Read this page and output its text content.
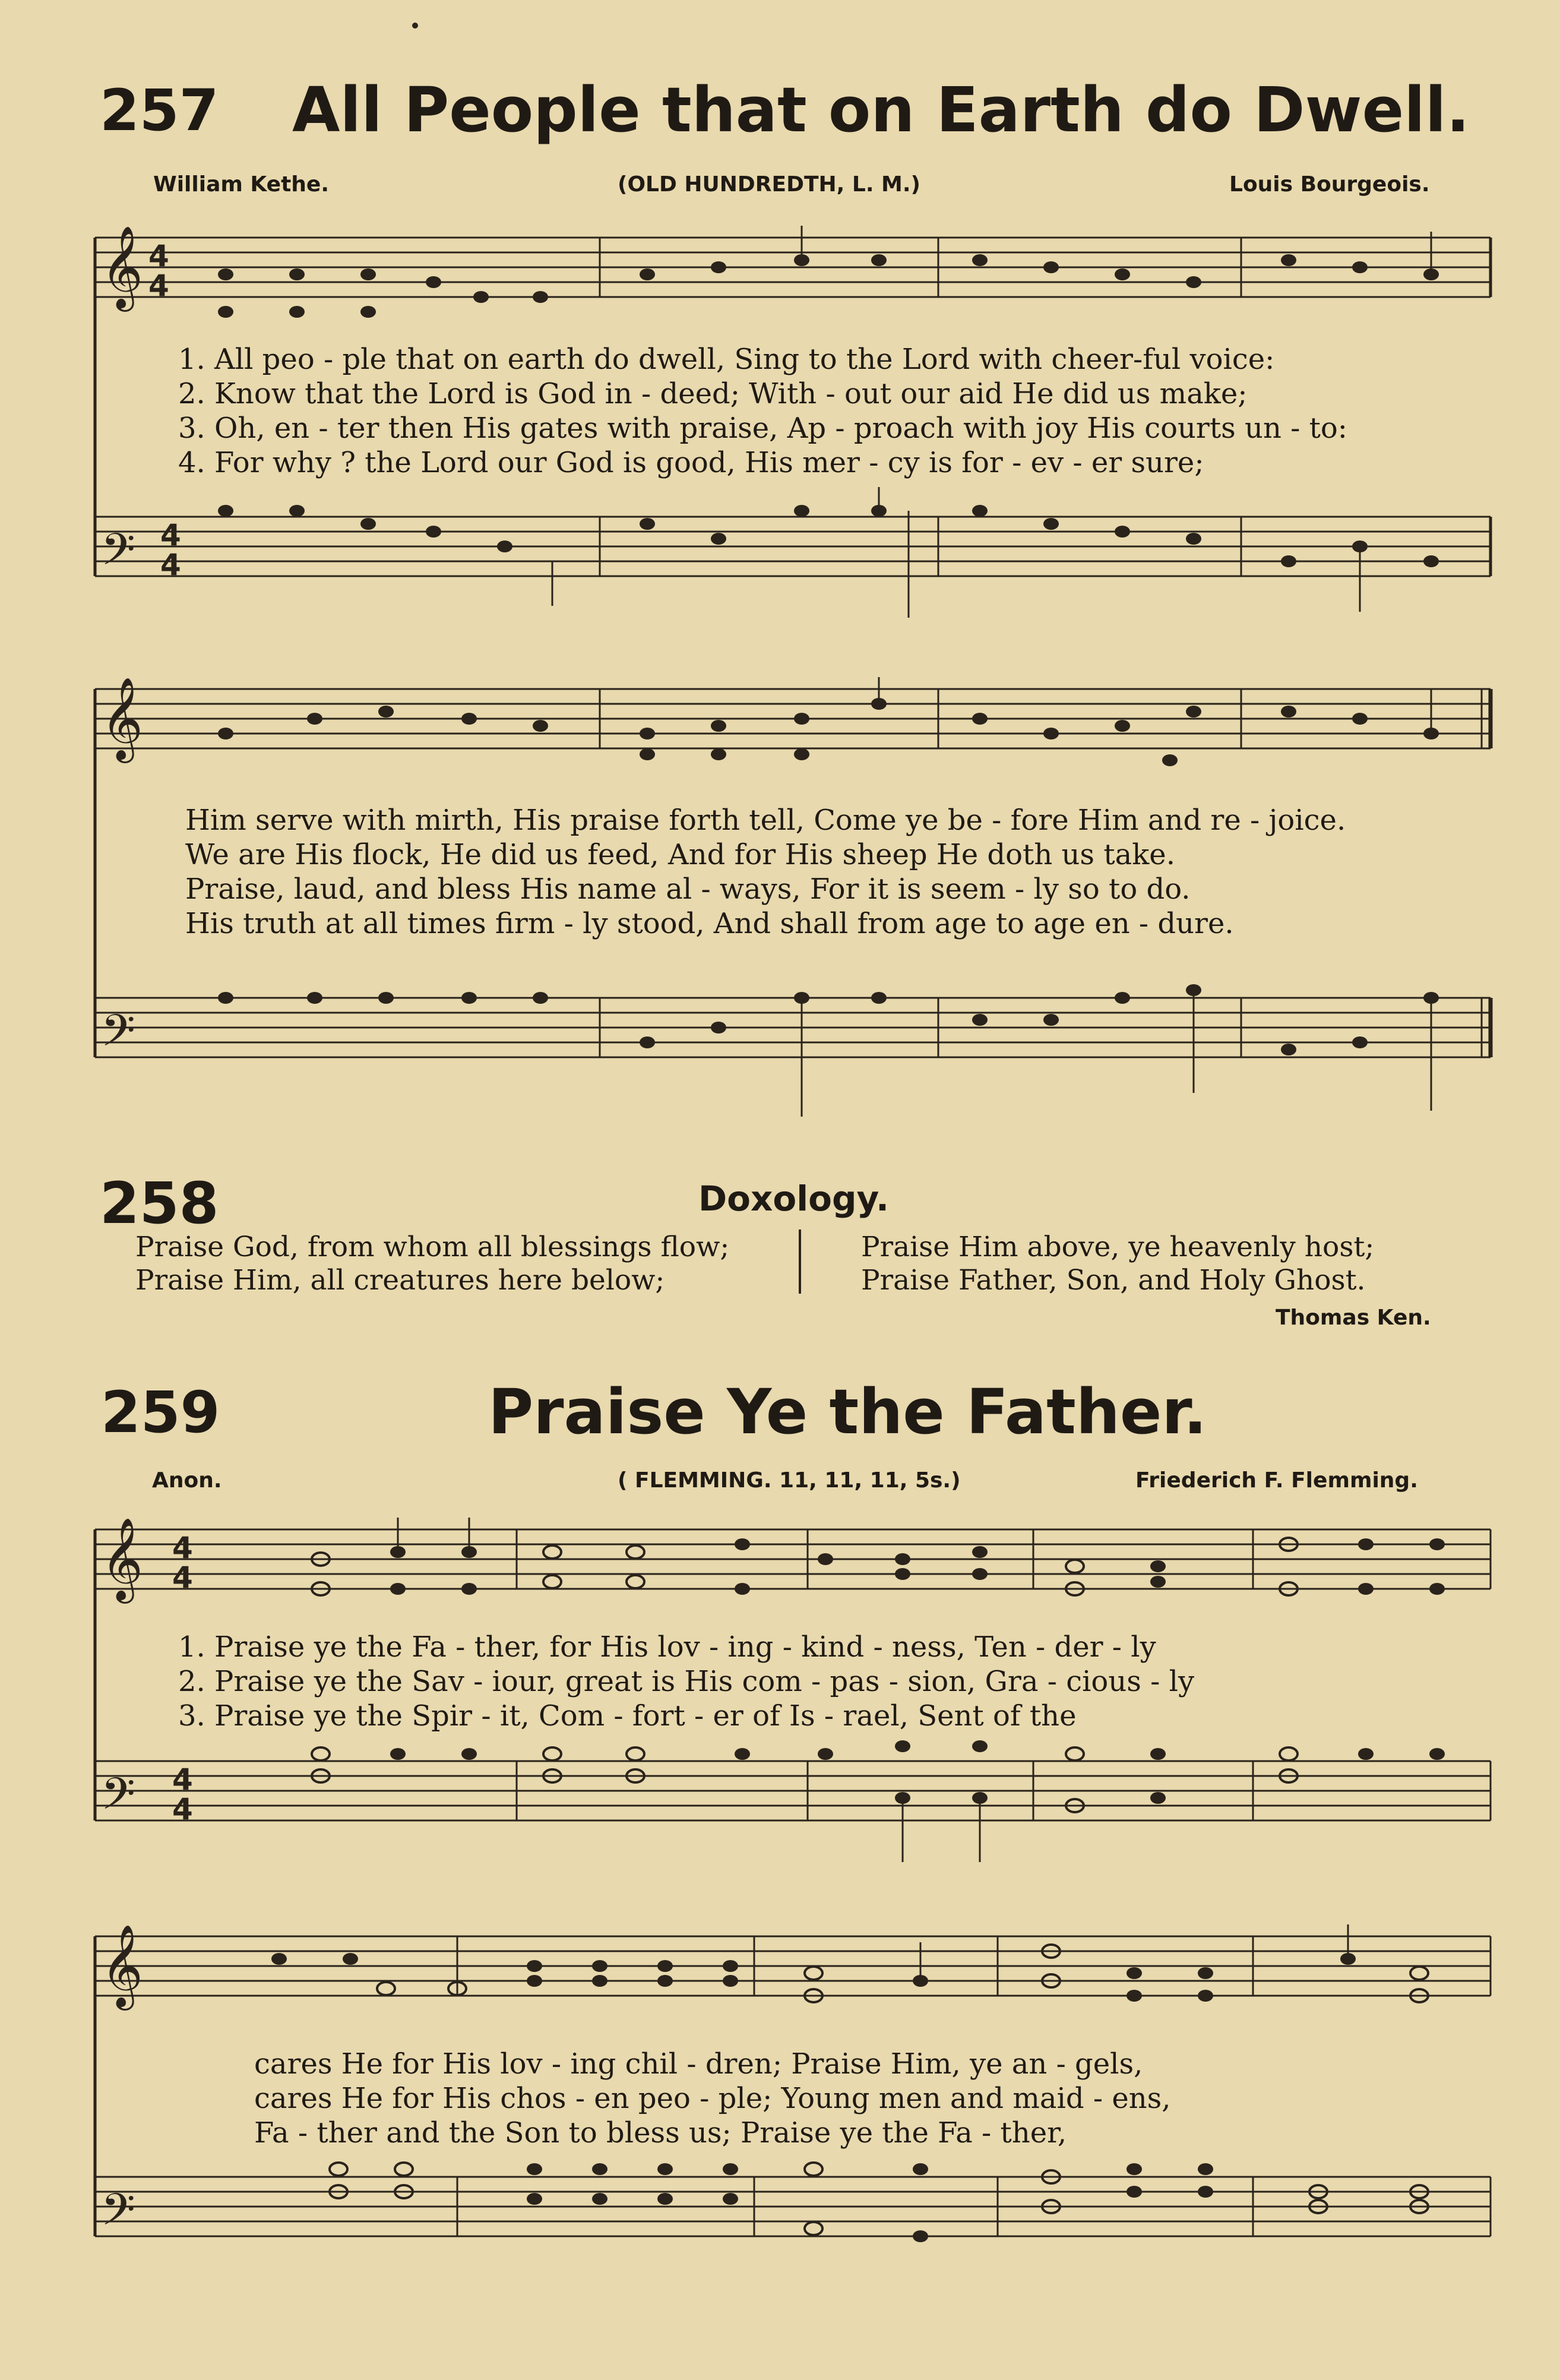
257 All People that on Earth do Dwell.
William Kethe.	(OLD HUNDREDTH, L. M.)	Louis Bourgeois.
𝄞
𝄢
4
4
4
4
1. All peo - ple that on earth do dwell, Sing to the Lord with cheer-ful voice:
2. Know that the Lord is God in - deed; With - out our aid He did us make;
3. Oh, en - ter then His gates with praise, Ap - proach with joy His courts un - to:
4. For why ? the Lord our God is good, His mer - cy is for - ev - er sure;
𝄞
𝄢
Him serve with mirth, His praise forth tell, Come ye be - fore Him and re - joice.
We are His flock, He did us feed, And for His sheep He doth us take.
Praise, laud, and bless His name al - ways, For it is seem - ly so to do.
His truth at all times firm - ly stood, And shall from age to age en - dure.
258	Doxology.
Praise God, from whom all blessings flow;
Praise Him, all creatures here below;
Praise Him above, ye heavenly host;
Praise Father, Son, and Holy Ghost.
Thomas Ken.
259	Praise Ye the Father.
Anon.	( FLEMMING. 11, 11, 11, 5s.)	Friederich F. Flemming.
𝄞
𝄢
4
4
4
4
1. Praise ye the Fa - ther, for His lov - ing - kind - ness, Ten - der - ly
2. Praise ye the Sav - iour, great is His com - pas - sion, Gra - cious - ly
3. Praise ye the Spir - it, Com - fort - er of Is - rael, Sent of the
𝄞
𝄢
cares He for His lov - ing chil - dren; Praise Him, ye an - gels,
cares He for His chos - en peo - ple; Young men and maid - ens,
Fa - ther and the Son to bless us; Praise ye the Fa - ther,
